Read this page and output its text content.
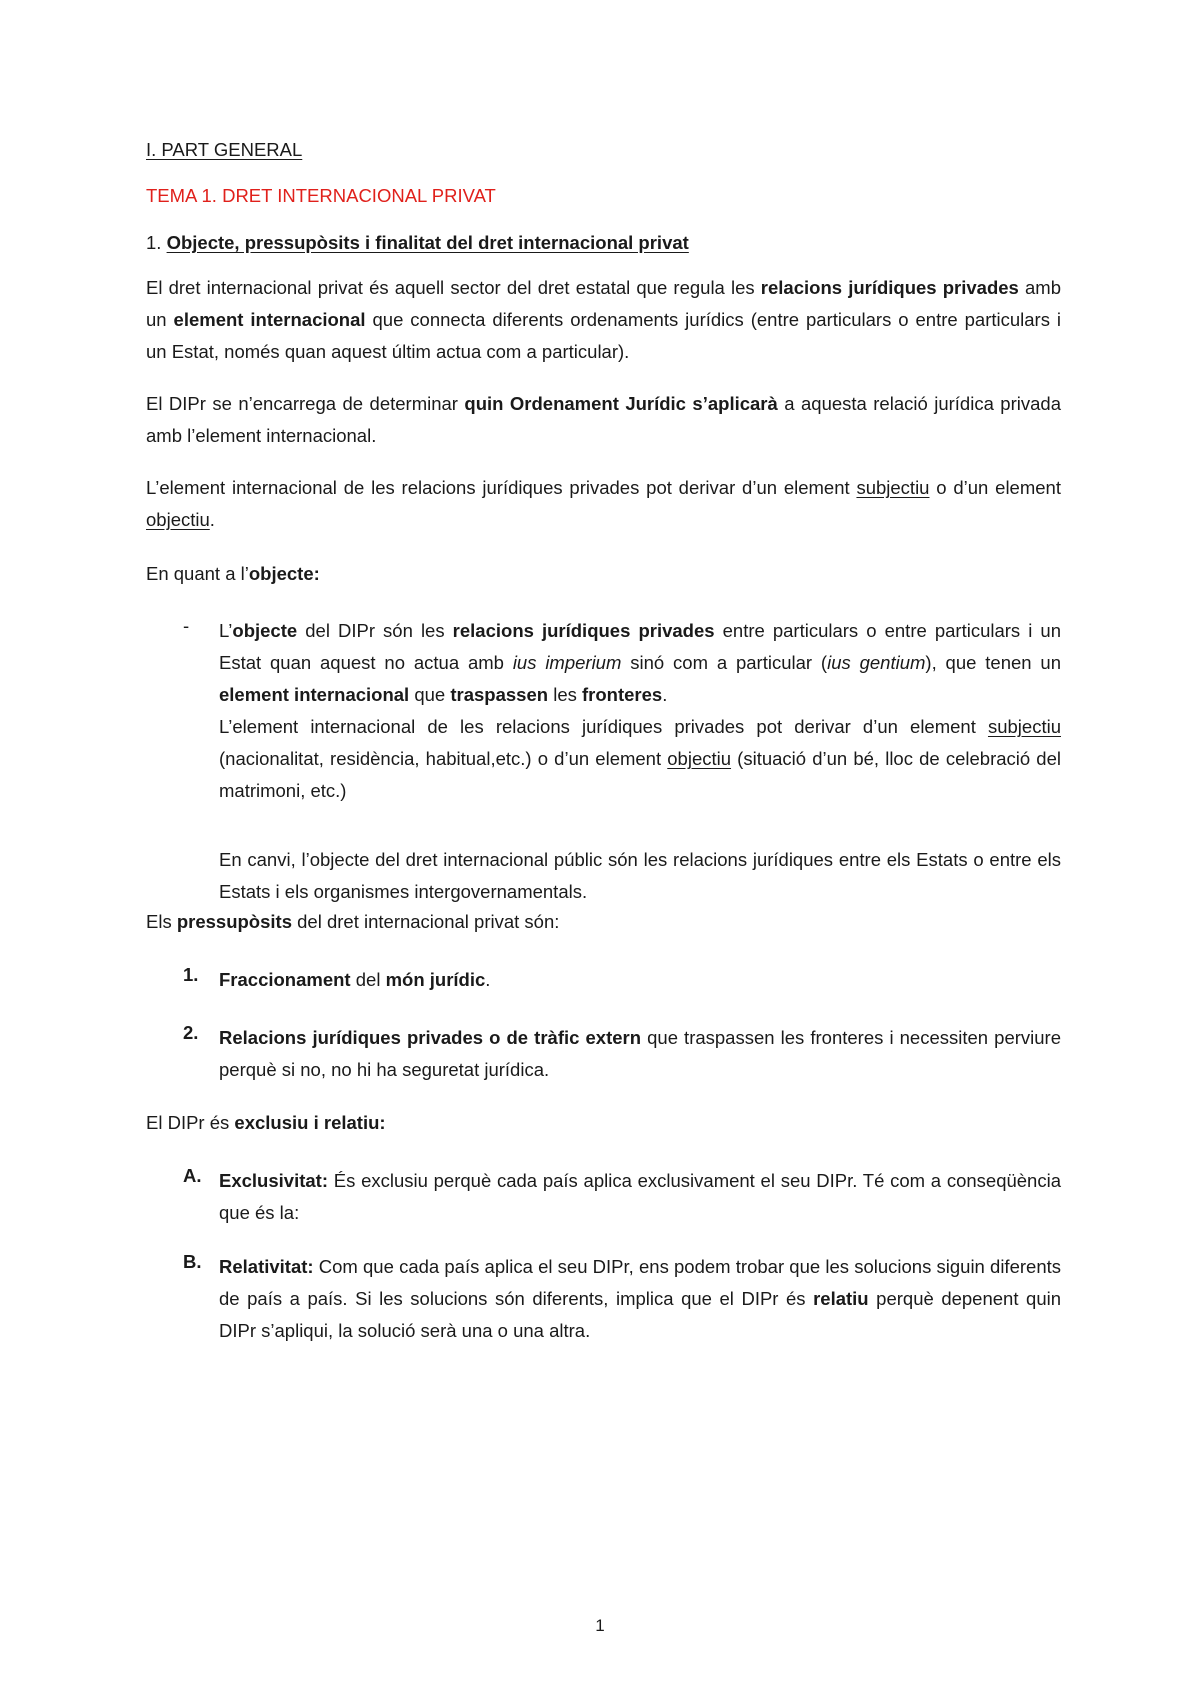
I. PART GENERAL

TEMA 1. DRET INTERNACIONAL PRIVAT

1. Objecte, pressupòsits i finalitat del dret internacional privat

El dret internacional privat és aquell sector del dret estatal que regula les relacions jurídiques privades amb un element internacional que connecta diferents ordenaments jurídics (entre particulars o entre particulars i un Estat, només quan aquest últim actua com a particular).

El DIPr se n’encarrega de determinar quin Ordenament Jurídic s’aplicarà a aquesta relació jurídica privada amb l’element internacional.

L’element internacional de les relacions jurídiques privades pot derivar d’un element subjectiu o d’un element objectiu.

En quant a l’objecte:

-	L’objecte del DIPr són les relacions jurídiques privades entre particulars o entre particulars i un Estat quan aquest no actua amb ius imperium sinó com a particular (ius gentium), que tenen un element internacional que traspassen les fronteres.
L’element internacional de les relacions jurídiques privades pot derivar d’un element subjectiu (nacionalitat, residència, habitual,etc.) o d’un element objectiu (situació d’un bé, lloc de celebració del matrimoni, etc.)

En canvi, l’objecte del dret internacional públic són les relacions jurídiques entre els Estats o entre els Estats i els organismes intergovernamentals.

Els pressupòsits del dret internacional privat són:

1.	Fraccionament del món jurídic.

2.	Relacions jurídiques privades o de tràfic extern que traspassen les fronteres i necessiten perviure perquè si no, no hi ha seguretat jurídica.

El DIPr és exclusiu i relatiu:

A. Exclusivitat: És exclusiu perquè cada país aplica exclusivament el seu DIPr. Té com a conseqüència que és la:

B. Relativitat: Com que cada país aplica el seu DIPr, ens podem trobar que les solucions siguin diferents de país a país. Si les solucions són diferents, implica que el DIPr és relatiu perquè depenent quin DIPr s’apliqui, la solució serà una o una altra.

1
